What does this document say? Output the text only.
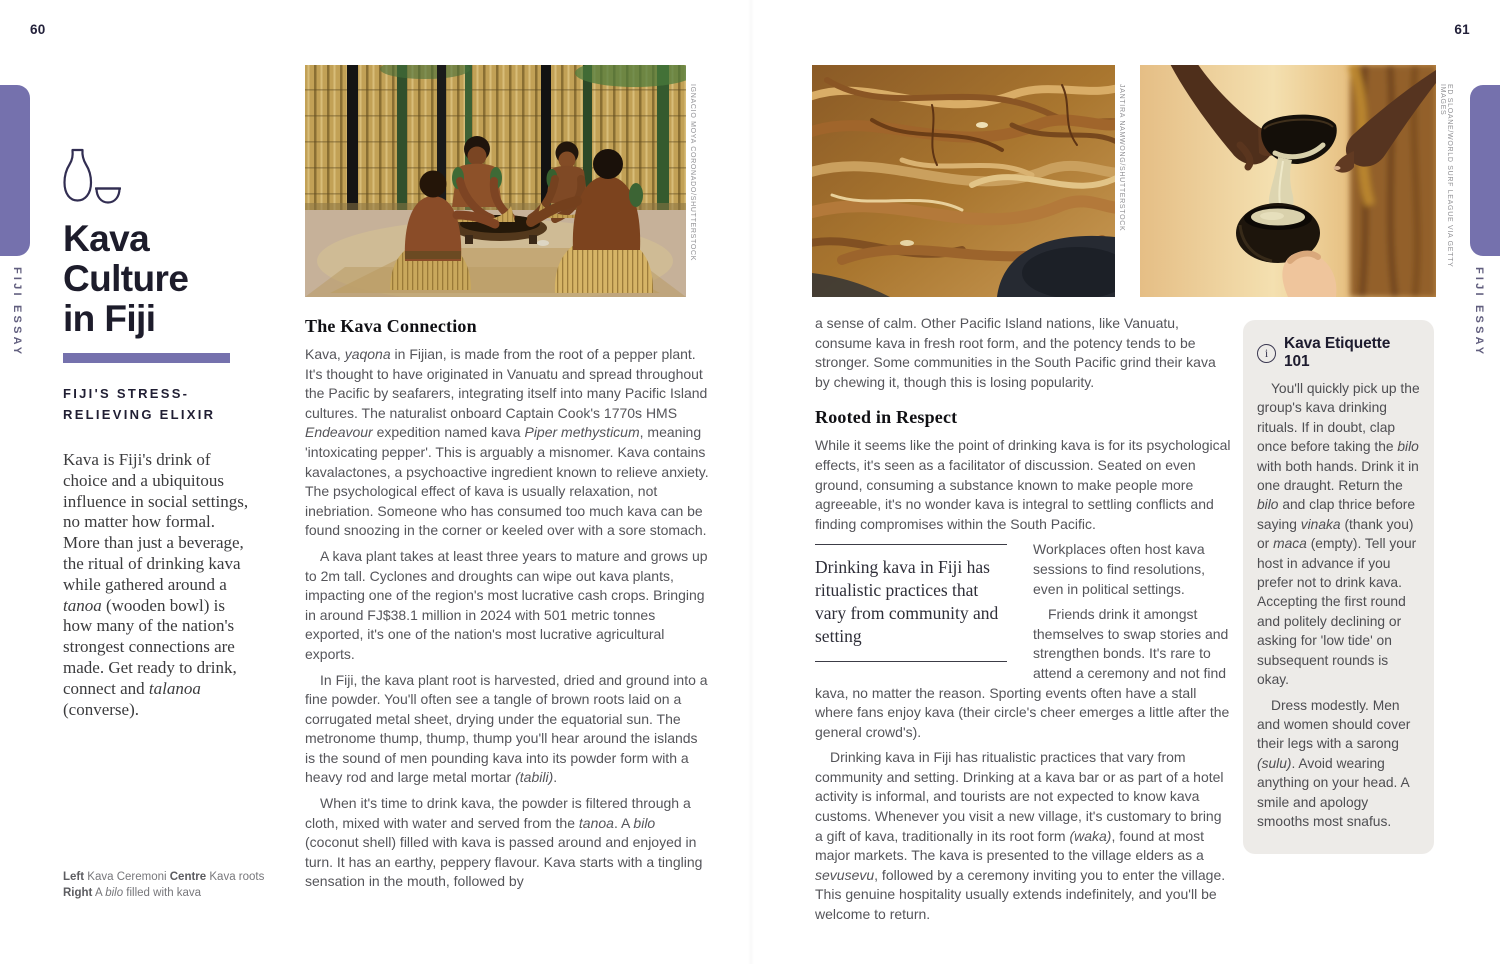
60	61
FIJI ESSAY	FIJI ESSAY
Kava
Culture
in Fiji
FIJI'S STRESS-RELIEVING ELIXIR
Kava is Fiji's drink of choice and a ubiquitous influence in social settings, no matter how formal. More than just a beverage, the ritual of drinking kava while gathered around a tanoa (wooden bowl) is how many of the nation's strongest connections are made. Get ready to drink, connect and talanoa (converse).
Left Kava Ceremoni Centre Kava roots
Right A bilo filled with kava
IGNACIO MOYA CORONADO/SHUTTERSTOCK	JANTIRA NAMWONG/SHUTTERSTOCK	ED SLOANE/WORLD SURF LEAGUE VIA GETTY IMAGES
The Kava Connection

Kava, yaqona in Fijian, is made from the root of a pepper plant. It's thought to have originated in Vanuatu and spread throughout the Pacific by seafarers, integrating itself into many Pacific Island cultures. The naturalist onboard Captain Cook's 1770s HMS Endeavour expedition named kava Piper methysticum, meaning 'intoxicating pepper'. This is arguably a misnomer. Kava contains kavalactones, a psychoactive ingredient known to relieve anxiety. The psychological effect of kava is usually relaxation, not inebriation. Someone who has consumed too much kava can be found snoozing in the corner or keeled over with a sore stomach.

A kava plant takes at least three years to mature and grows up to 2m tall. Cyclones and droughts can wipe out kava plants, impacting one of the region's most lucrative cash crops. Bringing in around FJ$38.1 million in 2024 with 501 metric tonnes exported, it's one of the nation's most lucrative agricultural exports.

In Fiji, the kava plant root is harvested, dried and ground into a fine powder. You'll often see a tangle of brown roots laid on a corrugated metal sheet, drying under the equatorial sun. The metronome thump, thump, thump you'll hear around the islands is the sound of men pounding kava into its powder form with a heavy rod and large metal mortar (tabili).

When it's time to drink kava, the powder is filtered through a cloth, mixed with water and served from the tanoa. A bilo (coconut shell) filled with kava is passed around and enjoyed in turn. It has an earthy, peppery flavour. Kava starts with a tingling sensation in the mouth, followed by

a sense of calm. Other Pacific Island nations, like Vanuatu, consume kava in fresh root form, and the potency tends to be stronger. Some communities in the South Pacific grind their kava by chewing it, though this is losing popularity.

Rooted in Respect

While it seems like the point of drinking kava is for its psychological effects, it's seen as a facilitator of discussion. Seated on even ground, consuming a substance known to make people more agreeable, it's no wonder kava is integral to settling conflicts and finding compromises within the South Pacific.

Drinking kava in Fiji has ritualistic practices that vary from community and setting

Workplaces often host kava sessions to find resolutions, even in political settings.

Friends drink it amongst themselves to swap stories and strengthen bonds. It's rare to attend a ceremony and not find kava, no matter the reason. Sporting events often have a stall where fans enjoy kava (their circle's cheer emerges a little after the general crowd's).

Drinking kava in Fiji has ritualistic practices that vary from community and setting. Drinking at a kava bar or as part of a hotel activity is informal, and tourists are not expected to know kava customs. Whenever you visit a new village, it's customary to bring a gift of kava, traditionally in its root form (waka), found at most major markets. The kava is presented to the village elders as a sevusevu, followed by a ceremony inviting you to enter the village. This genuine hospitality usually extends indefinitely, and you'll be welcome to return.

i
Kava Etiquette 101

You'll quickly pick up the group's kava drinking rituals. If in doubt, clap once before taking the bilo with both hands. Drink it in one draught. Return the bilo and clap thrice before saying vinaka (thank you) or maca (empty). Tell your host in advance if you prefer not to drink kava. Accepting the first round and politely declining or asking for 'low tide' on subsequent rounds is okay.

Dress modestly. Men and women should cover their legs with a sarong (sulu). Avoid wearing anything on your head. A smile and apology smooths most snafus.
